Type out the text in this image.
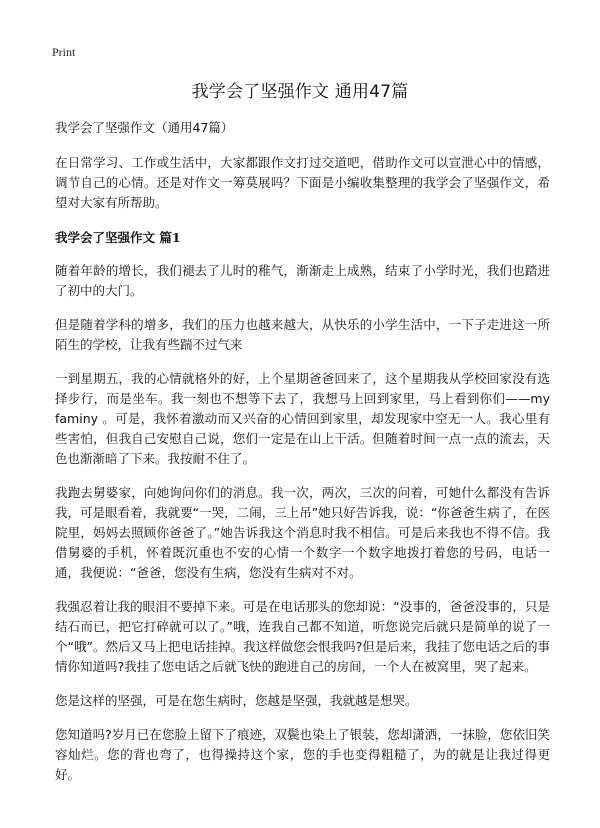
Print
我学会了坚强作文 通用47篇

我学会了坚强作文（通用47篇）

在日常学习、工作或生活中，大家都跟作文打过交道吧，借助作文可以宣泄心中的情感，调节自己的心情。还是对作文一筹莫展吗？下面是小编收集整理的我学会了坚强作文，希望对大家有所帮助。

我学会了坚强作文 篇1

随着年龄的增长，我们褪去了儿时的稚气，渐渐走上成熟，结束了小学时光，我们也踏进了初中的大门。

但是随着学科的增多，我们的压力也越来越大，从快乐的小学生活中，一下子走进这一所陌生的学校，让我有些踹不过气来

一到星期五，我的心情就格外的好，上个星期爸爸回来了，这个星期我从学校回家没有选择步行，而是坐车。我一刻也不想等下去了，我想马上回到家里，马上看到你们——my faminy 。可是，我怀着激动而又兴奋的心情回到家里，却发现家中空无一人。我心里有些害怕，但我自己安慰自己说，您们一定是在山上干活。但随着时间一点一点的流去，天色也渐渐暗了下来。我按耐不住了。

我跑去舅婆家，向她询问你们的消息。我一次，两次，三次的问着，可她什么都没有告诉我，可是眼看着，我就要“一哭，二闹，三上吊”她只好告诉我，说：“你爸爸生病了，在医院里，妈妈去照顾你爸爸了。”她告诉我这个消息时我不相信。可是后来我也不得不信。我借舅婆的手机，怀着既沉重也不安的心情一个数字一个数字地拨打着您的号码，电话一通，我便说：“爸爸，您没有生病，您没有生病对不对。

我强忍着让我的眼泪不要掉下来。可是在电话那头的您却说：“没事的，爸爸没事的，只是结石而已，把它打碎就可以了。”哦，连我自己都不知道，听您说完后就只是简单的说了一个“哦”。然后又马上把电话挂掉。我这样做您会恨我吗?但是后来，我挂了您电话之后的事情你知道吗?我挂了您电话之后就飞快的跑进自己的房间，一个人在被窝里，哭了起来。

您是这样的坚强，可是在您生病时，您越是坚强，我就越是想哭。

您知道吗?岁月已在您脸上留下了痕迹，双鬓也染上了银装，您却潇洒，一抹脸，您依旧笑容灿烂。您的背也弯了，也得操持这个家，您的手也变得粗糙了，为的就是让我过得更好。
